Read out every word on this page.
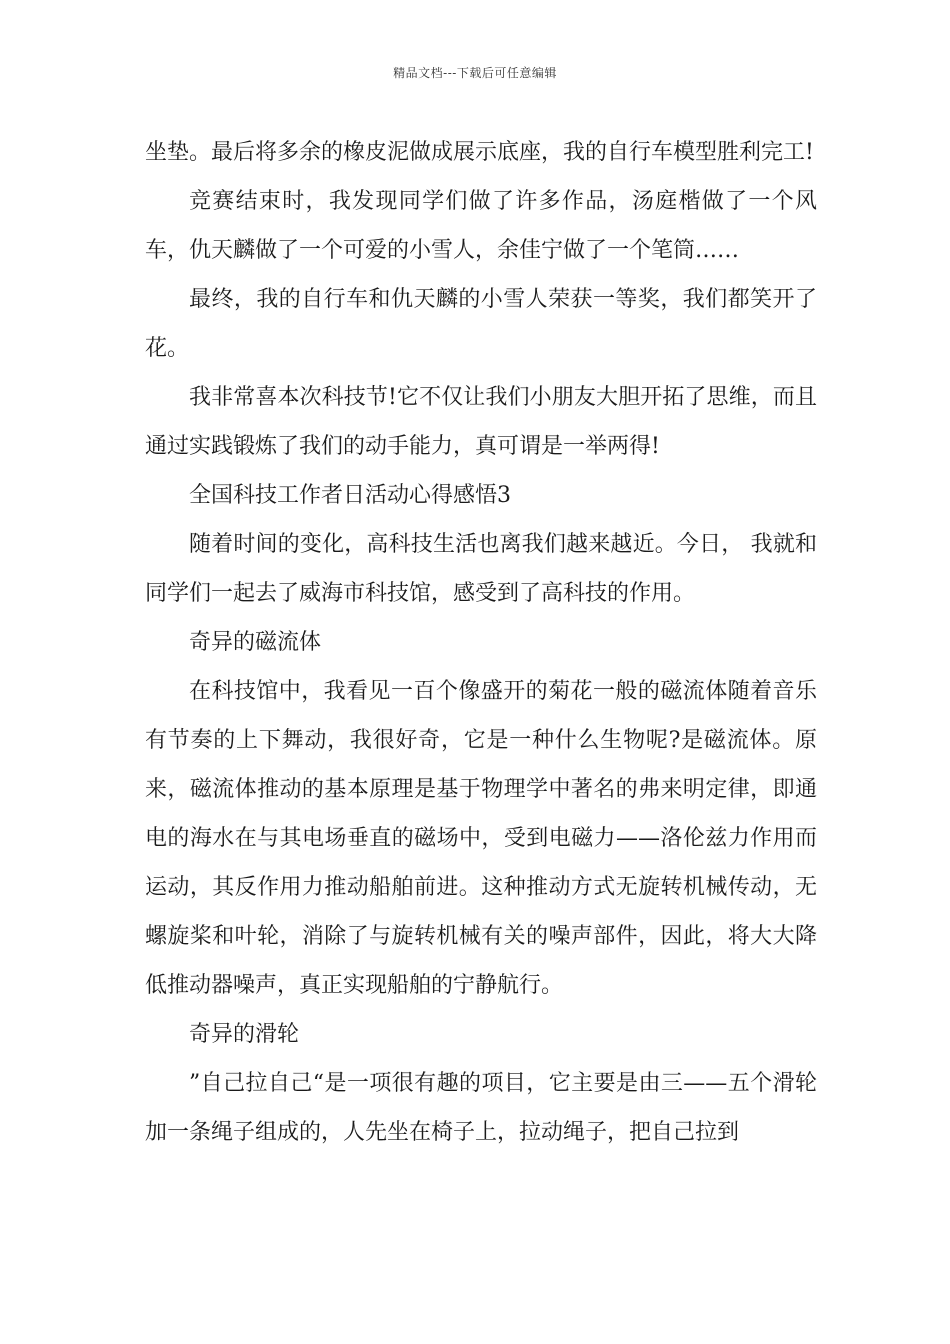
精品文档---下载后可任意编辑

坐垫。最后将多余的橡皮泥做成展示底座，我的自行车模型胜利完工!

竞赛结束时，我发现同学们做了许多作品，汤庭楷做了一个风车，仇天麟做了一个可爱的小雪人，余佳宁做了一个笔筒……

最终，我的自行车和仇天麟的小雪人荣获一等奖，我们都笑开了花。

我非常喜本次科技节!它不仅让我们小朋友大胆开拓了思维，而且通过实践锻炼了我们的动手能力，真可谓是一举两得!

全国科技工作者日活动心得感悟3

随着时间的变化，高科技生活也离我们越来越近。今日， 我就和同学们一起去了威海市科技馆，感受到了高科技的作用。

奇异的磁流体

在科技馆中，我看见一百个像盛开的菊花一般的磁流体随着音乐有节奏的上下舞动，我很好奇，它是一种什么生物呢?是磁流体。原来，磁流体推动的基本原理是基于物理学中著名的弗来明定律，即通电的海水在与其电场垂直的磁场中，受到电磁力——洛伦兹力作用而运动，其反作用力推动船舶前进。这种推动方式无旋转机械传动，无螺旋桨和叶轮，消除了与旋转机械有关的噪声部件，因此，将大大降低推动器噪声，真正实现船舶的宁静航行。

奇异的滑轮

”自己拉自己“是一项很有趣的项目，它主要是由三——五个滑轮加一条绳子组成的，人先坐在椅子上，拉动绳子，把自己拉到
